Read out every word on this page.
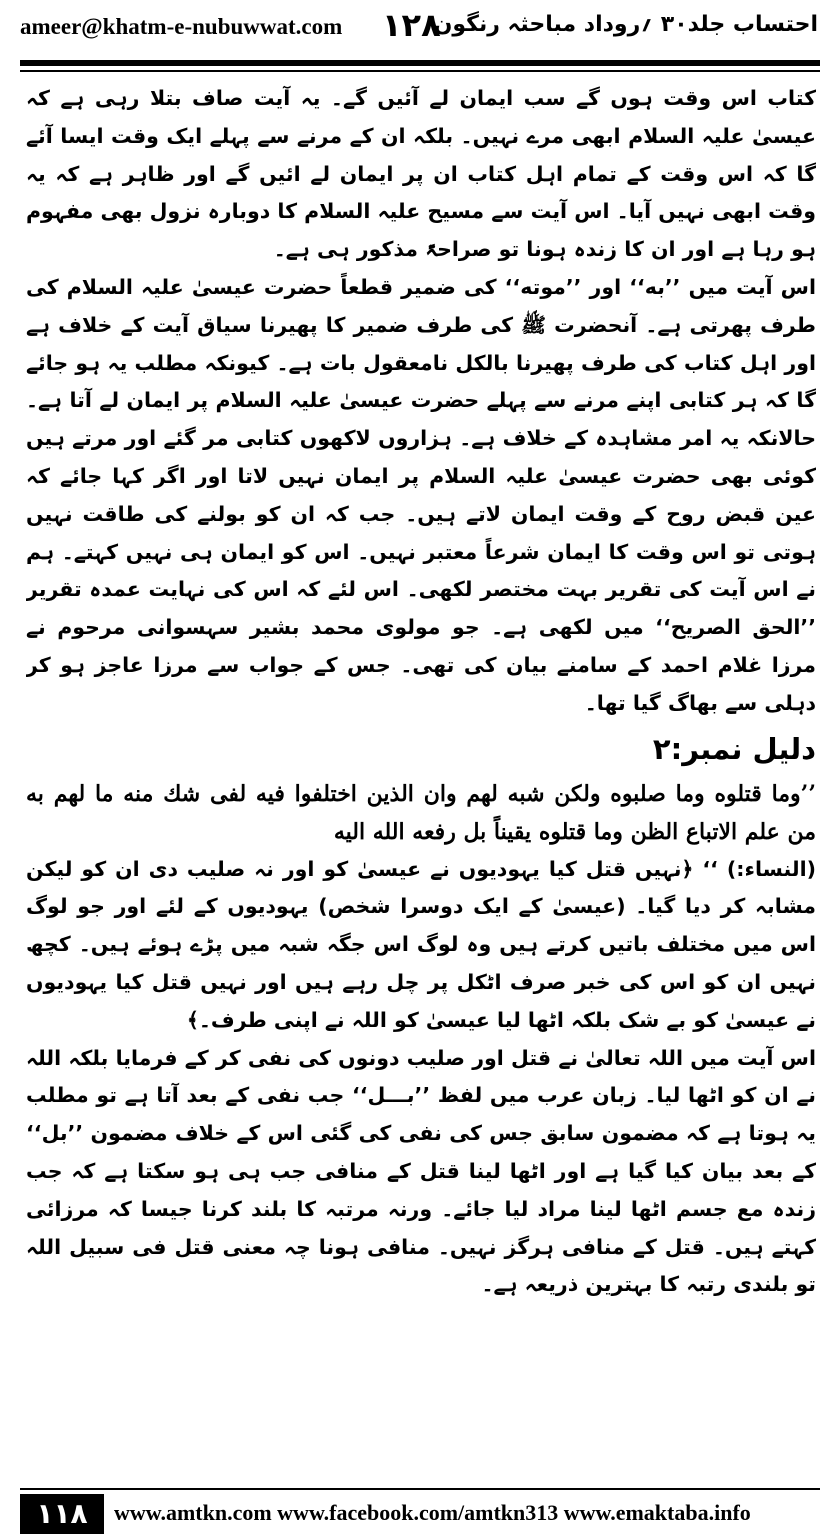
ameer@khatm-e-nubuwwat.com ۱۲۸
احتساب جلد۳۰ ؍روداد مباحثہ رنگون

کتاب اس وقت ہوں گے سب ایمان لے آئیں گے۔ یہ آیت صاف بتلا رہی ہے کہ عیسیٰ علیہ السلام ابھی مرے نہیں۔ بلکہ ان کے مرنے سے پہلے ایک وقت ایسا آئے گا کہ اس وقت کے تمام اہل کتاب ان پر ایمان لے ائیں گے اور ظاہر ہے کہ یہ وقت ابھی نہیں آیا۔ اس آیت سے مسیح علیہ السلام کا دوبارہ نزول بھی مفہوم ہو رہا ہے اور ان کا زندہ ہونا تو صراحۃً مذکور ہی ہے۔

اس آیت میں ’’به‘‘ اور ’’موته‘‘ کی ضمیر قطعاً حضرت عیسیٰ علیہ السلام کی طرف پھرتی ہے۔ آنحضرت ﷺ کی طرف ضمیر کا پھیرنا سیاق آیت کے خلاف ہے اور اہل کتاب کی طرف پھیرنا بالکل نامعقول بات ہے۔ کیونکہ مطلب یہ ہو جائے گا کہ ہر کتابی اپنے مرنے سے پہلے حضرت عیسیٰ علیہ السلام پر ایمان لے آتا ہے۔ حالانکہ یہ امر مشاہدہ کے خلاف ہے۔ ہزاروں لاکھوں کتابی مر گئے اور مرتے ہیں کوئی بھی حضرت عیسیٰ علیہ السلام پر ایمان نہیں لاتا اور اگر کہا جائے کہ عین قبض روح کے وقت ایمان لاتے ہیں۔ جب کہ ان کو بولنے کی طاقت نہیں ہوتی تو اس وقت کا ایمان شرعاً معتبر نہیں۔ اس کو ایمان ہی نہیں کہتے۔ ہم نے اس آیت کی تقریر بہت مختصر لکھی۔ اس لئے کہ اس کی نہایت عمدہ تقریر ’’الحق الصریح‘‘ میں لکھی ہے۔ جو مولوی محمد بشیر سہسوانی مرحوم نے مرزا غلام احمد کے سامنے بیان کی تھی۔ جس کے جواب سے مرزا عاجز ہو کر دہلی سے بھاگ گیا تھا۔

دلیل نمبر:۲

’’وما قتلوه وما صلبوه ولكن شبه لهم وان الذين اختلفوا فيه لفى شك منه ما لهم به من علم الاتباع الظن وما قتلوه يقيناً بل رفعه الله اليه

(النساء:) ‘‘ ﴿نہیں قتل کیا یہودیوں نے عیسیٰ کو اور نہ صلیب دی ان کو لیکن مشابہ کر دیا گیا۔ (عیسیٰ کے ایک دوسرا شخص) یہودیوں کے لئے اور جو لوگ اس میں مختلف باتیں کرتے ہیں وہ لوگ اس جگہ شبہ میں پڑے ہوئے ہیں۔ کچھ نہیں ان کو اس کی خبر صرف اٹکل پر چل رہے ہیں اور نہیں قتل کیا یہودیوں نے عیسیٰ کو بے شک بلکہ اٹھا لیا عیسیٰ کو اللہ نے اپنی طرف۔﴾

اس آیت میں اللہ تعالیٰ نے قتل اور صلیب دونوں کی نفی کر کے فرمایا بلکہ اللہ نے ان کو اٹھا لیا۔ زبان عرب میں لفظ ’’بـــل‘‘ جب نفی کے بعد آتا ہے تو مطلب یہ ہوتا ہے کہ مضمون سابق جس کی نفی کی گئی اس کے خلاف مضمون ’’بل‘‘ کے بعد بیان کیا گیا ہے اور اٹھا لینا قتل کے منافی جب ہی ہو سکتا ہے کہ جب زندہ مع جسم اٹھا لینا مراد لیا جائے۔ ورنہ مرتبہ کا بلند کرنا جیسا کہ مرزائی کہتے ہیں۔ قتل کے منافی ہرگز نہیں۔ منافی ہونا چہ معنی قتل فی سبیل اللہ تو بلندی رتبہ کا بہترین ذریعہ ہے۔

۱۱۸	www.amtkn.com www.facebook.com/amtkn313 www.emaktaba.info
